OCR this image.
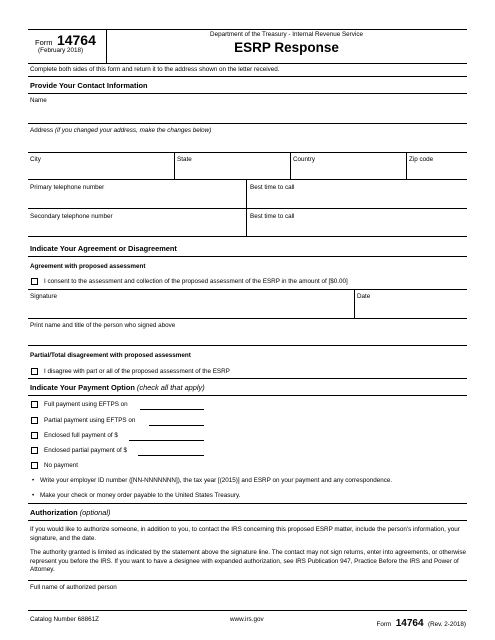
Form 14764
(February 2018)
Department of the Treasury - Internal Revenue Service
ESRP Response
Complete both sides of this form and return it to the address shown on the letter received.
Provide Your Contact Information
Name
Address (if you changed your address, make the changes below)
City	State	Country	Zip code
Primary telephone number	Best time to call
Secondary telephone number	Best time to call
Indicate Your Agreement or Disagreement
Agreement with proposed assessment
I consent to the assessment and collection of the proposed assessment of the ESRP in the amount of [$0.00]
Signature	Date
Print name and title of the person who signed above
Partial/Total disagreement with proposed assessment
I disagree with part or all of the proposed assessment of the ESRP
Indicate Your Payment Option (check all that apply)
Full payment using EFTPS on
Partial payment using EFTPS on
Enclosed full payment of $
Enclosed partial payment of $
No payment
• Write your employer ID number ([NN-NNNNNNN]), the tax year [(2015)] and ESRP on your payment and any correspondence.
• Make your check or money order payable to the United States Treasury.
Authorization (optional)
If you would like to authorize someone, in addition to you, to contact the IRS concerning this proposed ESRP matter, include the person's information, your signature, and the date.
The authority granted is limited as indicated by the statement above the signature line. The contact may not sign returns, enter into agreements, or otherwise represent you before the IRS. If you want to have a designee with expanded authorization, see IRS Publication 947, Practice Before the IRS and Power of Attorney.
Full name of authorized person
Catalog Number 68861Z	www.irs.gov
Form 14764 (Rev. 2-2018)
